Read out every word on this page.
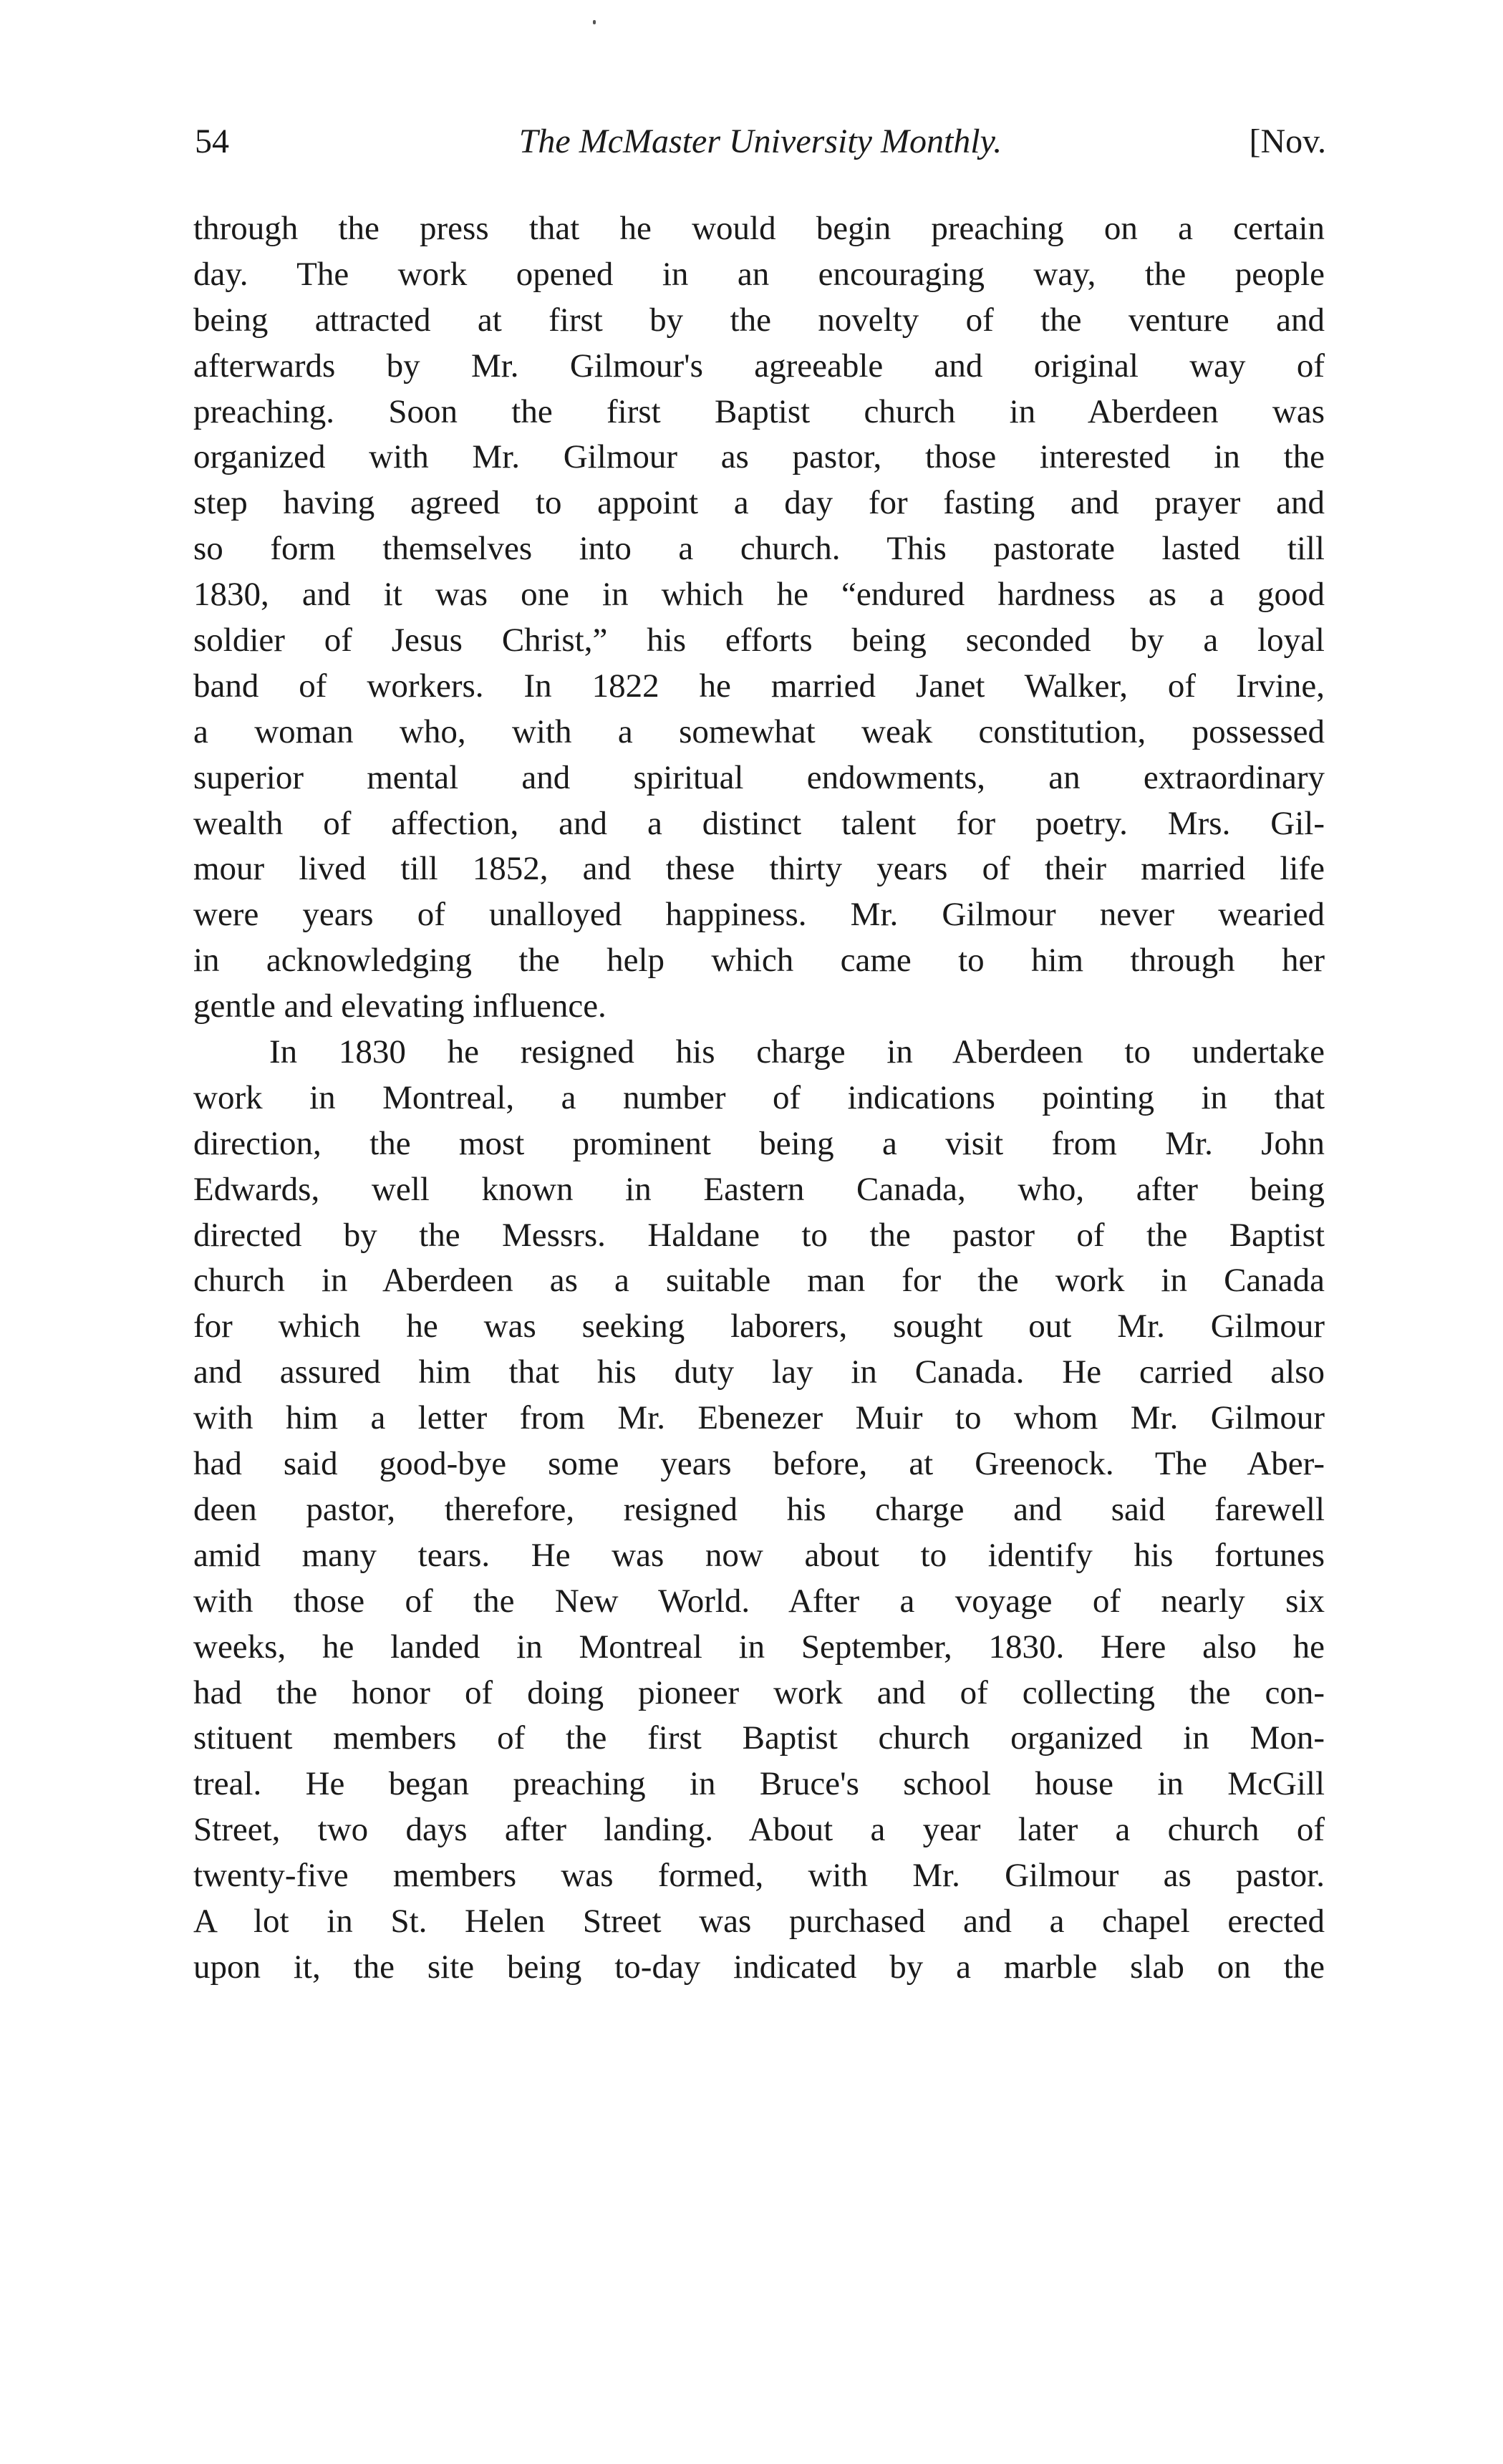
54	The McMaster University Monthly.	[Nov.
through the press that he would begin preaching on a certain
day. The work opened in an encouraging way, the people
being attracted at first by the novelty of the venture and
afterwards by Mr. Gilmour's agreeable and original way of
preaching. Soon the first Baptist church in Aberdeen was
organized with Mr. Gilmour as pastor, those interested in the
step having agreed to appoint a day for fasting and prayer and
so form themselves into a church. This pastorate lasted till
1830, and it was one in which he “endured hardness as a good
soldier of Jesus Christ,” his efforts being seconded by a loyal
band of workers. In 1822 he married Janet Walker, of Irvine,
a woman who, with a somewhat weak constitution, possessed
superior mental and spiritual endowments, an extraordinary
wealth of affection, and a distinct talent for poetry. Mrs. Gil-
mour lived till 1852, and these thirty years of their married life
were years of unalloyed happiness. Mr. Gilmour never wearied
in acknowledging the help which came to him through her
gentle and elevating influence.
In 1830 he resigned his charge in Aberdeen to undertake
work in Montreal, a number of indications pointing in that
direction, the most prominent being a visit from Mr. John
Edwards, well known in Eastern Canada, who, after being
directed by the Messrs. Haldane to the pastor of the Baptist
church in Aberdeen as a suitable man for the work in Canada
for which he was seeking laborers, sought out Mr. Gilmour
and assured him that his duty lay in Canada. He carried also
with him a letter from Mr. Ebenezer Muir to whom Mr. Gilmour
had said good-bye some years before, at Greenock. The Aber-
deen pastor, therefore, resigned his charge and said farewell
amid many tears. He was now about to identify his fortunes
with those of the New World. After a voyage of nearly six
weeks, he landed in Montreal in September, 1830. Here also he
had the honor of doing pioneer work and of collecting the con-
stituent members of the first Baptist church organized in Mon-
treal. He began preaching in Bruce's school house in McGill
Street, two days after landing. About a year later a church of
twenty-five members was formed, with Mr. Gilmour as pastor.
A lot in St. Helen Street was purchased and a chapel erected
upon it, the site being to-day indicated by a marble slab on the
